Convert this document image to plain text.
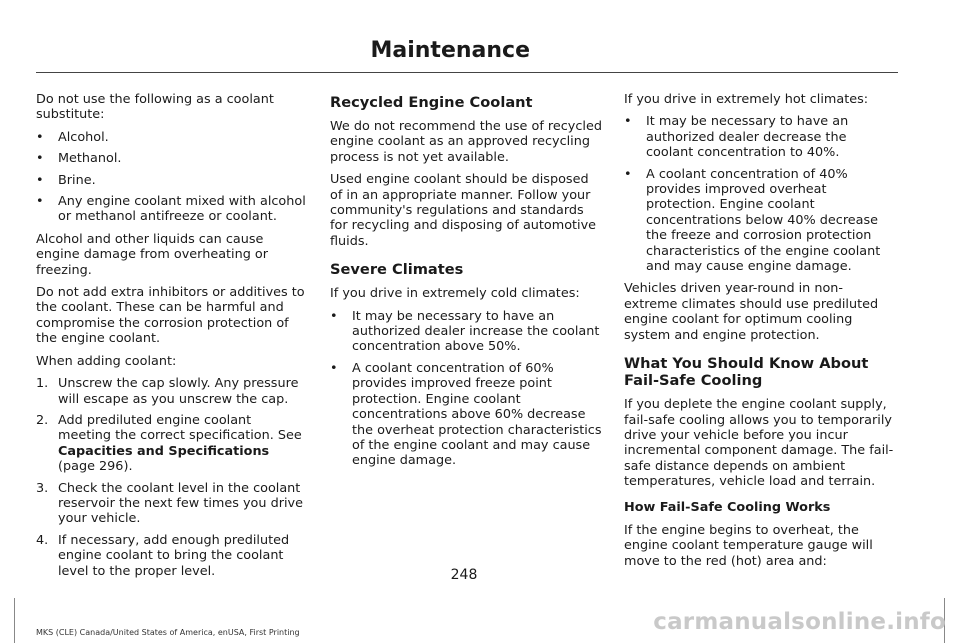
Maintenance

Do not use the following as a coolant substitute:

• Alcohol.
• Methanol.
• Brine.
• Any engine coolant mixed with alcohol or methanol antifreeze or coolant.

Alcohol and other liquids can cause engine damage from overheating or freezing.

Do not add extra inhibitors or additives to the coolant. These can be harmful and compromise the corrosion protection of the engine coolant.

When adding coolant:

1. Unscrew the cap slowly. Any pressure will escape as you unscrew the cap.
2. Add prediluted engine coolant meeting the correct specification. See Capacities and Specifications (page 296).
3. Check the coolant level in the coolant reservoir the next few times you drive your vehicle.
4. If necessary, add enough prediluted engine coolant to bring the coolant level to the proper level.
Recycled Engine Coolant

We do not recommend the use of recycled engine coolant as an approved recycling process is not yet available.

Used engine coolant should be disposed of in an appropriate manner. Follow your community's regulations and standards for recycling and disposing of automotive fluids.

Severe Climates

If you drive in extremely cold climates:

• It may be necessary to have an authorized dealer increase the coolant concentration above 50%.
• A coolant concentration of 60% provides improved freeze point protection. Engine coolant concentrations above 60% decrease the overheat protection characteristics of the engine coolant and may cause engine damage.

If you drive in extremely hot climates:

• It may be necessary to have an authorized dealer decrease the coolant concentration to 40%.
• A coolant concentration of 40% provides improved overheat protection. Engine coolant concentrations below 40% decrease the freeze and corrosion protection characteristics of the engine coolant and may cause engine damage.

Vehicles driven year-round in non-extreme climates should use prediluted engine coolant for optimum cooling system and engine protection.

What You Should Know About Fail-Safe Cooling

If you deplete the engine coolant supply, fail-safe cooling allows you to temporarily drive your vehicle before you incur incremental component damage. The fail-safe distance depends on ambient temperatures, vehicle load and terrain.

How Fail-Safe Cooling Works

If the engine begins to overheat, the engine coolant temperature gauge will move to the red (hot) area and:

248
MKS (CLE) Canada/United States of America, enUSA, First Printing	carmanualsonline.info
